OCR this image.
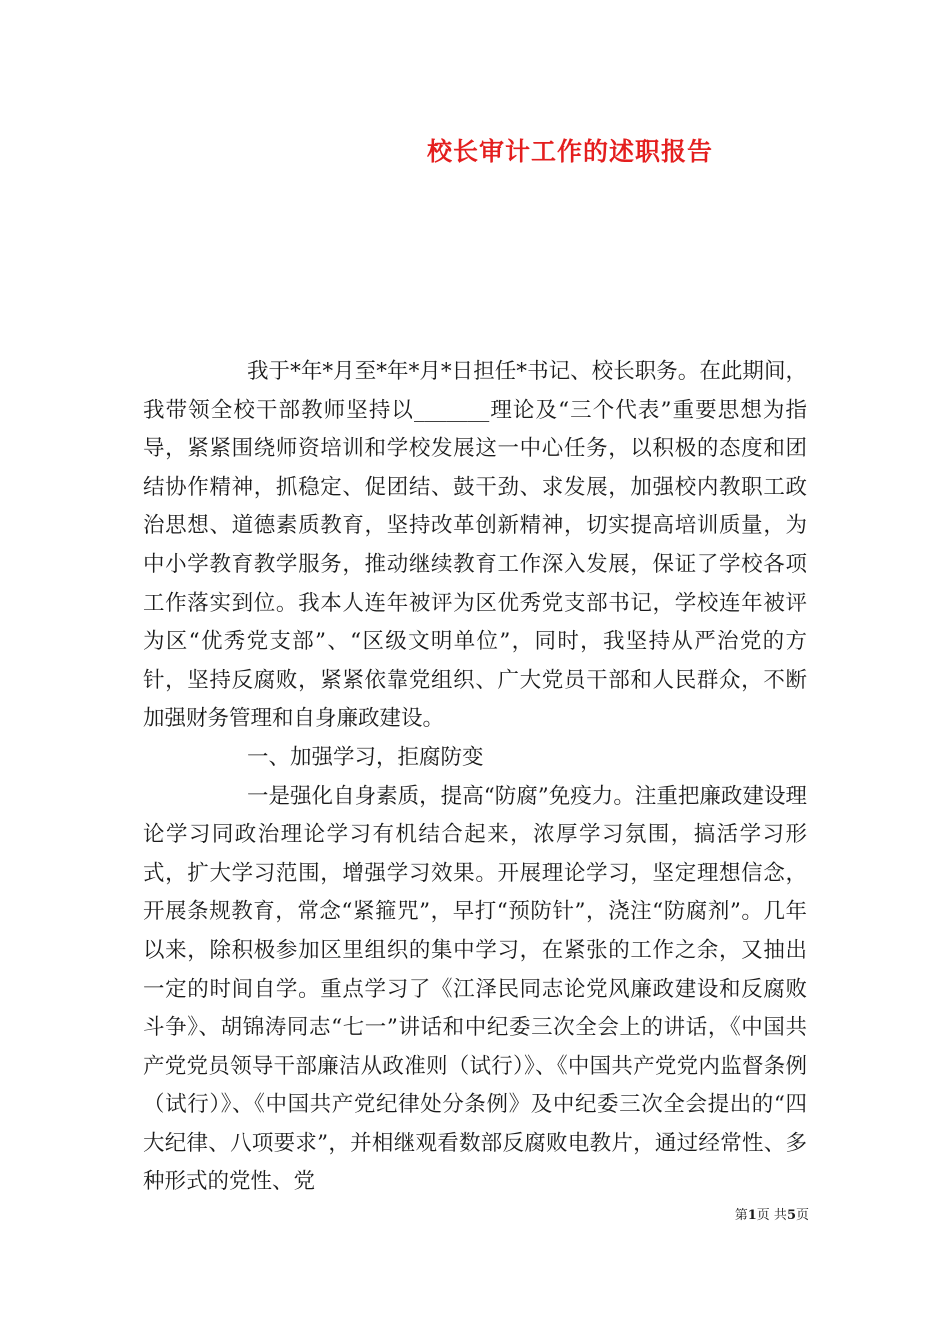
校长审计工作的述职报告

我于*年*月至*年*月*日担任*书记、校长职务。在此期间，我带领全校干部教师坚持以_______理论及“三个代表”重要思想为指导，紧紧围绕师资培训和学校发展这一中心任务，以积极的态度和团结协作精神，抓稳定、促团结、鼓干劲、求发展，加强校内教职工政治思想、道德素质教育，坚持改革创新精神，切实提高培训质量，为中小学教育教学服务，推动继续教育工作深入发展，保证了学校各项工作落实到位。我本人连年被评为区优秀党支部书记，学校连年被评为区“优秀党支部”、“区级文明单位”，同时，我坚持从严治党的方针，坚持反腐败，紧紧依靠党组织、广大党员干部和人民群众，不断加强财务管理和自身廉政建设。

一、加强学习，拒腐防变

一是强化自身素质，提高“防腐”免疫力。注重把廉政建设理论学习同政治理论学习有机结合起来，浓厚学习氛围，搞活学习形式，扩大学习范围，增强学习效果。开展理论学习，坚定理想信念，开展条规教育，常念“紧箍咒”，早打“预防针”，浇注“防腐剂”。几年以来，除积极参加区里组织的集中学习，在紧张的工作之余，又抽出一定的时间自学。重点学习了《江泽民同志论党风廉政建设和反腐败斗争》、胡锦涛同志“七一”讲话和中纪委三次全会上的讲话，《中国共产党党员领导干部廉洁从政准则（试行）》、《中国共产党党内监督条例（试行）》、《中国共产党纪律处分条例》及中纪委三次全会提出的“四大纪律、八项要求”，并相继观看数部反腐败电教片，通过经常性、多种形式的党性、党

第1页 共5页
